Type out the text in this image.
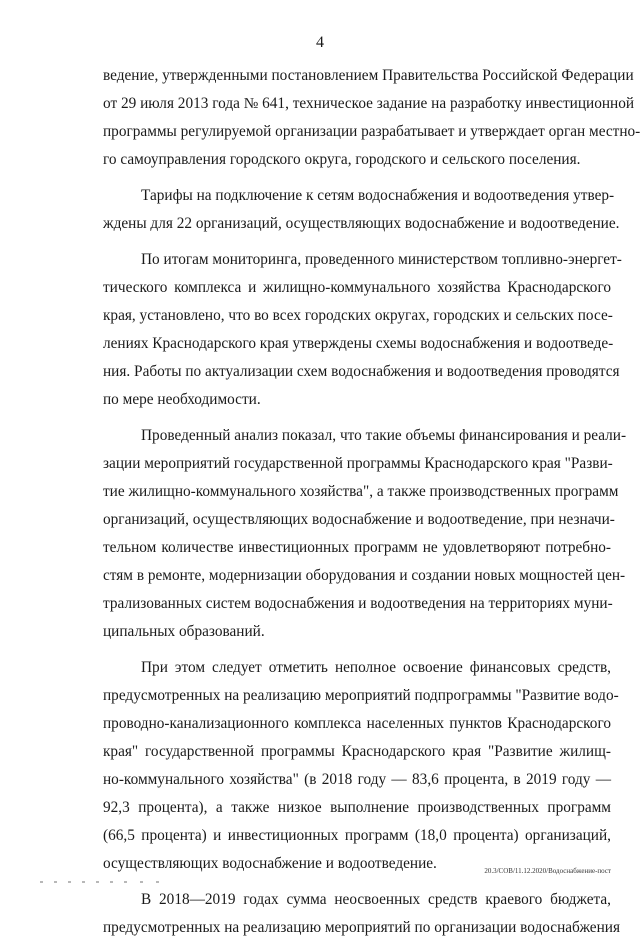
4

ведение, утвержденными постановлением Правительства Российской Федерации
от 29 июля 2013 года № 641, техническое задание на разработку инвестиционной
программы регулируемой организации разрабатывает и утверждает орган местно-
го самоуправления городского округа, городского и сельского поселения.

Тарифы на подключение к сетям водоснабжения и водоотведения утвер-
ждены для 22 организаций, осуществляющих водоснабжение и водоотведение.

По итогам мониторинга, проведенного министерством топливно-энергет-
тического комплекса и жилищно-коммунального хозяйства Краснодарского
края, установлено, что во всех городских округах, городских и сельских посе-
лениях Краснодарского края утверждены схемы водоснабжения и водоотведе-
ния. Работы по актуализации схем водоснабжения и водоотведения проводятся
по мере необходимости.

Проведенный анализ показал, что такие объемы финансирования и реали-
зации мероприятий государственной программы Краснодарского края "Разви-
тие жилищно-коммунального хозяйства", а также производственных программ
организаций, осуществляющих водоснабжение и водоотведение, при незначи-
тельном количестве инвестиционных программ не удовлетворяют потребно-
стям в ремонте, модернизации оборудования и создании новых мощностей цен-
трализованных систем водоснабжения и водоотведения на территориях муни-
ципальных образований.

При этом следует отметить неполное освоение финансовых средств,
предусмотренных на реализацию мероприятий подпрограммы "Развитие водо-
проводно-канализационного комплекса населенных пунктов Краснодарского
края" государственной программы Краснодарского края "Развитие жилищ-
но-коммунального хозяйства" (в 2018 году — 83,6 процента, в 2019 году —
92,3 процента), а также низкое выполнение производственных программ
(66,5 процента) и инвестиционных программ (18,0 процента) организаций,
осуществляющих водоснабжение и водоотведение.

В 2018—2019 годах сумма неосвоенных средств краевого бюджета,
предусмотренных на реализацию мероприятий по организации водоснабжения

20.3/СОВ/11.12.2020/Водоснабжение-пост
